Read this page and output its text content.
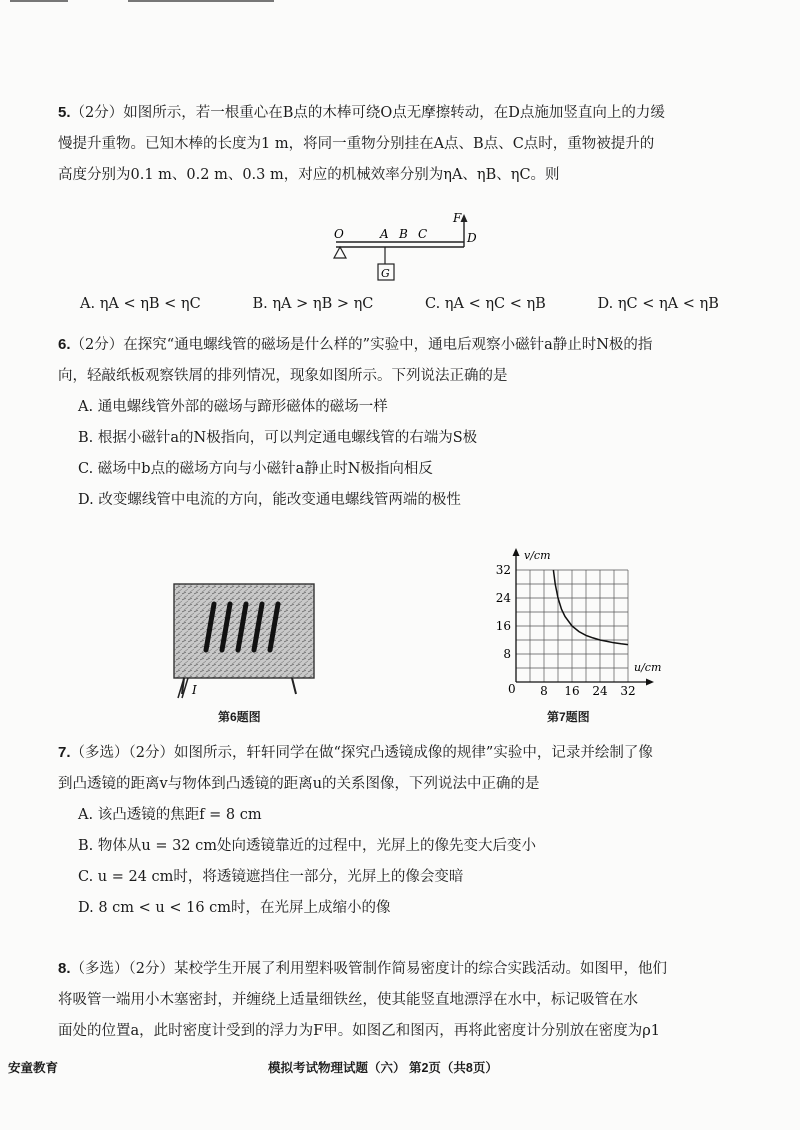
5.（2分）如图所示，若一根重心在B点的木棒可绕O点无摩擦转动，在D点施加竖直向上的力缓

慢提升重物。已知木棒的长度为1 m，将同一重物分别挂在A点、B点、C点时，重物被提升的

高度分别为0.1 m、0.2 m、0.3 m，对应的机械效率分别为ηA、ηB、ηC。则

O	A B C	D
F
G
A. ηA < ηB < ηC	B. ηA > ηB > ηC	C. ηA < ηC < ηB	D. ηC < ηA < ηB

6.（2分）在探究“通电螺线管的磁场是什么样的”实验中，通电后观察小磁针a静止时N极的指

向，轻敲纸板观察铁屑的排列情况，现象如图所示。下列说法正确的是

A. 通电螺线管外部的磁场与蹄形磁体的磁场一样

B. 根据小磁针a的N极指向，可以判定通电螺线管的右端为S极

C. 磁场中b点的磁场方向与小磁针a静止时N极指向相反

D. 改变螺线管中电流的方向，能改变通电螺线管两端的极性

I
第6题图
v/cm
u/cm
0 8 16 24 32
8
16
24
32
第7题图

7.（多选）（2分）如图所示，轩轩同学在做“探究凸透镜成像的规律”实验中，记录并绘制了像

到凸透镜的距离v与物体到凸透镜的距离u的关系图像，下列说法中正确的是

A. 该凸透镜的焦距f = 8 cm

B. 物体从u = 32 cm处向透镜靠近的过程中，光屏上的像先变大后变小

C. u = 24 cm时，将透镜遮挡住一部分，光屏上的像会变暗

D. 8 cm < u < 16 cm时，在光屏上成缩小的像

8.（多选）（2分）某校学生开展了利用塑料吸管制作简易密度计的综合实践活动。如图甲，他们

将吸管一端用小木塞密封，并缠绕上适量细铁丝，使其能竖直地漂浮在水中，标记吸管在水

面处的位置a，此时密度计受到的浮力为F甲。如图乙和图丙，再将此密度计分别放在密度为ρ1

安童教育	模拟考试物理试题（六） 第2页（共8页）
